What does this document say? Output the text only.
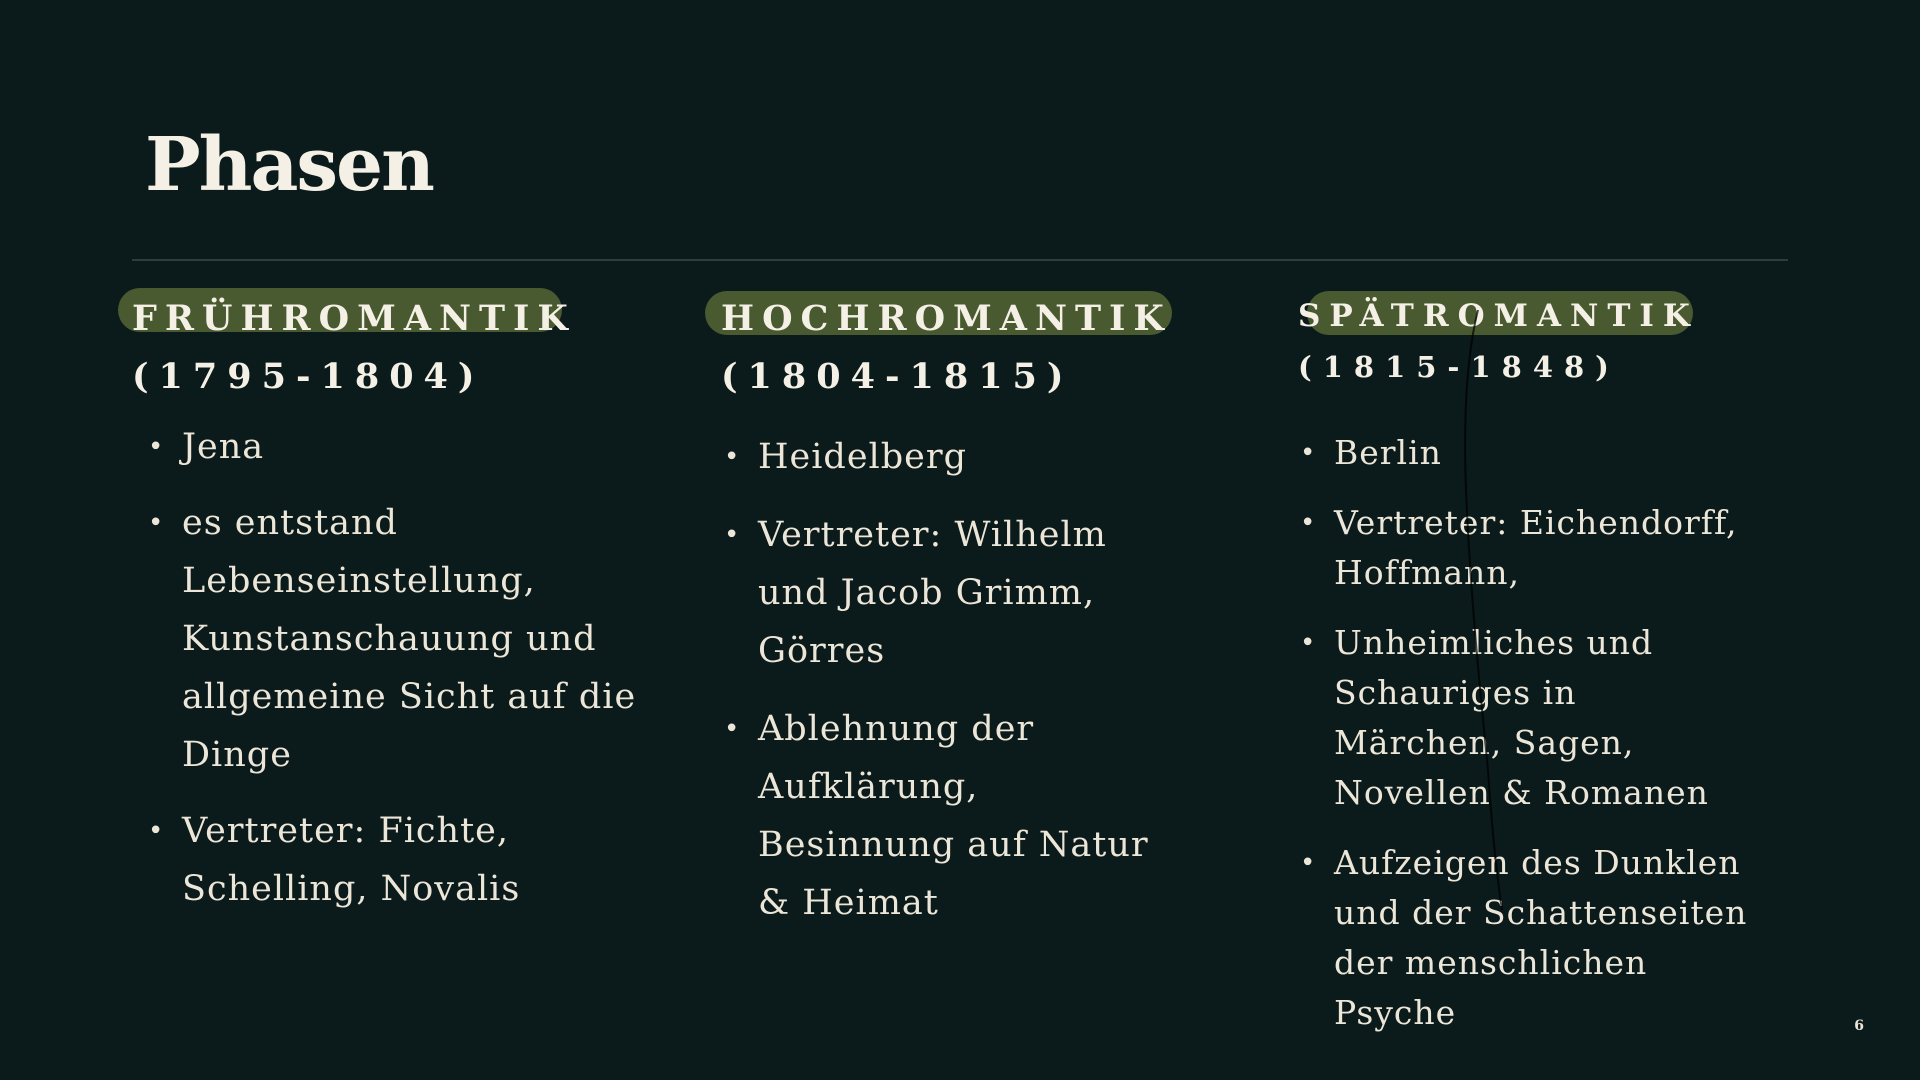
Phasen
FRÜHROMANTIK
(1795-1804)
• Jena
• es entstand Lebenseinstellung, Kunstanschauung und allgemeine Sicht auf die Dinge
• Vertreter: Fichte, Schelling, Novalis
HOCHROMANTIK
(1804-1815)
• Heidelberg
• Vertreter: Wilhelm und Jacob Grimm, Görres
• Ablehnung der Aufklärung, Besinnung auf Natur & Heimat
SPÄTROMANTIK
(1815-1848)
• Berlin
• Vertreter: Eichendorff, Hoffmann,
• Unheimliches und Schauriges in Märchen, Sagen, Novellen & Romanen
• Aufzeigen des Dunklen und der Schattenseiten der menschlichen Psyche	6
